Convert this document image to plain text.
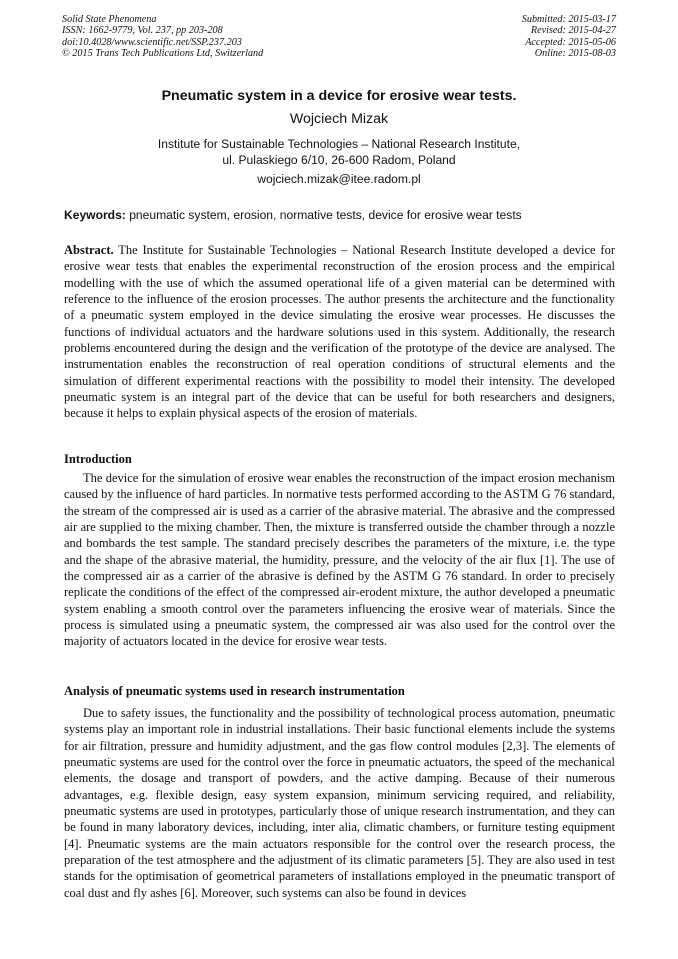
Solid State Phenomena
ISSN: 1662-9779, Vol. 237, pp 203-208
doi:10.4028/www.scientific.net/SSP.237.203
© 2015 Trans Tech Publications Ltd, Switzerland
Submitted: 2015-03-17
Revised: 2015-04-27
Accepted: 2015-05-06
Online: 2015-08-03
Pneumatic system in a device for erosive wear tests.
Wojciech Mizak
Institute for Sustainable Technologies – National Research Institute,
ul. Pulaskiego 6/10, 26-600 Radom, Poland
wojciech.mizak@itee.radom.pl
Keywords: pneumatic system, erosion, normative tests, device for erosive wear tests
Abstract. The Institute for Sustainable Technologies – National Research Institute developed a device for erosive wear tests that enables the experimental reconstruction of the erosion process and the empirical modelling with the use of which the assumed operational life of a given material can be determined with reference to the influence of the erosion processes. The author presents the architecture and the functionality of a pneumatic system employed in the device simulating the erosive wear processes. He discusses the functions of individual actuators and the hardware solutions used in this system. Additionally, the research problems encountered during the design and the verification of the prototype of the device are analysed. The instrumentation enables the reconstruction of real operation conditions of structural elements and the simulation of different experimental reactions with the possibility to model their intensity. The developed pneumatic system is an integral part of the device that can be useful for both researchers and designers, because it helps to explain physical aspects of the erosion of materials.
Introduction
The device for the simulation of erosive wear enables the reconstruction of the impact erosion mechanism caused by the influence of hard particles. In normative tests performed according to the ASTM G 76 standard, the stream of the compressed air is used as a carrier of the abrasive material. The abrasive and the compressed air are supplied to the mixing chamber. Then, the mixture is transferred outside the chamber through a nozzle and bombards the test sample. The standard precisely describes the parameters of the mixture, i.e. the type and the shape of the abrasive material, the humidity, pressure, and the velocity of the air flux [1]. The use of the compressed air as a carrier of the abrasive is defined by the ASTM G 76 standard. In order to precisely replicate the conditions of the effect of the compressed air-erodent mixture, the author developed a pneumatic system enabling a smooth control over the parameters influencing the erosive wear of materials. Since the process is simulated using a pneumatic system, the compressed air was also used for the control over the majority of actuators located in the device for erosive wear tests.
Analysis of pneumatic systems used in research instrumentation
Due to safety issues, the functionality and the possibility of technological process automation, pneumatic systems play an important role in industrial installations. Their basic functional elements include the systems for air filtration, pressure and humidity adjustment, and the gas flow control modules [2,3]. The elements of pneumatic systems are used for the control over the force in pneumatic actuators, the speed of the mechanical elements, the dosage and transport of powders, and the active damping. Because of their numerous advantages, e.g. flexible design, easy system expansion, minimum servicing required, and reliability, pneumatic systems are used in prototypes, particularly those of unique research instrumentation, and they can be found in many laboratory devices, including, inter alia, climatic chambers, or furniture testing equipment [4]. Pneumatic systems are the main actuators responsible for the control over the research process, the preparation of the test atmosphere and the adjustment of its climatic parameters [5]. They are also used in test stands for the optimisation of geometrical parameters of installations employed in the pneumatic transport of coal dust and fly ashes [6]. Moreover, such systems can also be found in devices
